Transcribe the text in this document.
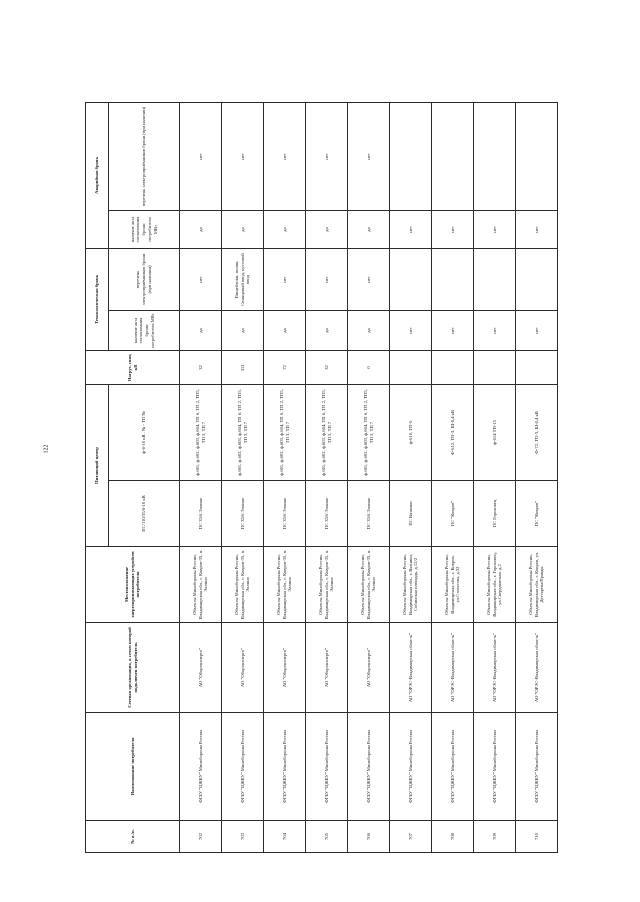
122
№ п./п.	Наименование потребителя	Сетевая организация, к сетям которой подключен потребитель	Местоположение энергопринимающих устройств потребителя	Питающий центр		Нагруз. снят, кВ	Технологическая бронь		Аварийная бронь	
				ПС/110/35/6-10 кВ	ф-6-10 кВ . № - ТП №		наличие акта согласования брони потребителя МВт	перечень электроприёмников брони (при наличии)	наличие акта согласования брони потребителя МВт	перечень электроприёмников брони (при наличии)
702	ФГБУ "ЦЖКУ" Минобороны России	АО "Оборонэнерго"	Объекты Минобороны России, Владимирская обл., г. Ковров-35, п. Эллино	ПС 35/6 Эллино	ф.601, ф.602, ф.603, ф.604, ТП 6, ТП 2, ТП5, ТП 3, ТП 7	32	да	нет	да	нет
703	ФГБУ "ЦЖКУ" Минобороны России	АО "Оборонэнерго"	Объекты Минобороны России, Владимирская обл., г. Ковров-35, п. Эллино	ПС 35/6 Эллино	ф.601, ф.602, ф.603, ф.604, ТП 6, ТП 2, ТП5, ТП 3, ТП 7	321	да	Пищеблоки, полив, Свинцовый ввод, кустовой ввод	да	нет
704	ФГБУ "ЦЖКУ" Минобороны России	АО "Оборонэнерго"	Объекты Минобороны России, Владимирская обл., г. Ковров-35, п. Эллино	ПС 35/6 Эллино	ф.601, ф.602, ф.603, ф.604, ТП 6, ТП 2, ТП5, ТП 3, ТП 7	72	да	нет	да	нет
705	ФГБУ "ЦЖКУ" Минобороны России	АО "Оборонэнерго"	Объекты Минобороны России, Владимирская обл., г. Ковров-35, п. Эллино	ПС 35/6 Эллино	ф.601, ф.602, ф.603, ф.604, ТП 6, ТП 2, ТП5, ТП 3, ТП 7	32	да	нет	да	нет
706	ФГБУ "ЦЖКУ" Минобороны России	АО "Оборонэнерго"	Объекты Минобороны России, Владимирская обл., г. Ковров-35, п. Эллино	ПС 35/6 Эллино	ф.601, ф.602, ф.603, ф.604, ТП 6, ТП 2, ТП5, ТП 3, ТП 7	0	да	нет	да	нет
707	ФГБУ "ЦЖКУ" Минобороны России	АО "ОРЭС-Владимирская область"	Объекты Минобороны России, Владимирская обл., г. Вязники, Собинская площадь, д.12/2	ПС Вязники	ф-610, ТП-5		нет		нет	
708	ФГБУ "ЦЖКУ" Минобороны России	АО "ОРЭС-Владимирская область"	Объекты Минобороны России, Владимирская обл., г. Ковров, ул.Столетова, д.32	ПС "Ковров"	Ф-612, ТП-3, Ш-0,4 кВ		нет		нет	
709	ФГБУ "ЦЖКУ" Минобороны России	АО "ОРЭС-Владимирская область"	Объекты Минобороны России, Владимирская обл., г. Гороховец, ул.Свердловская, д.2	ПС Гороховец	ф-614 ТП-15		нет		нет	
710	ФГБУ "ЦЖКУ" Минобороны России	АО "ОРЭС-Владимирская область"	Объекты Минобороны России, Владимирская обл., г. Ковров, ул. Дегтярева/Правды	ПС "Ковров"	Ф-72, ТП-3, Ш-0,4 кВ		нет		нет	
